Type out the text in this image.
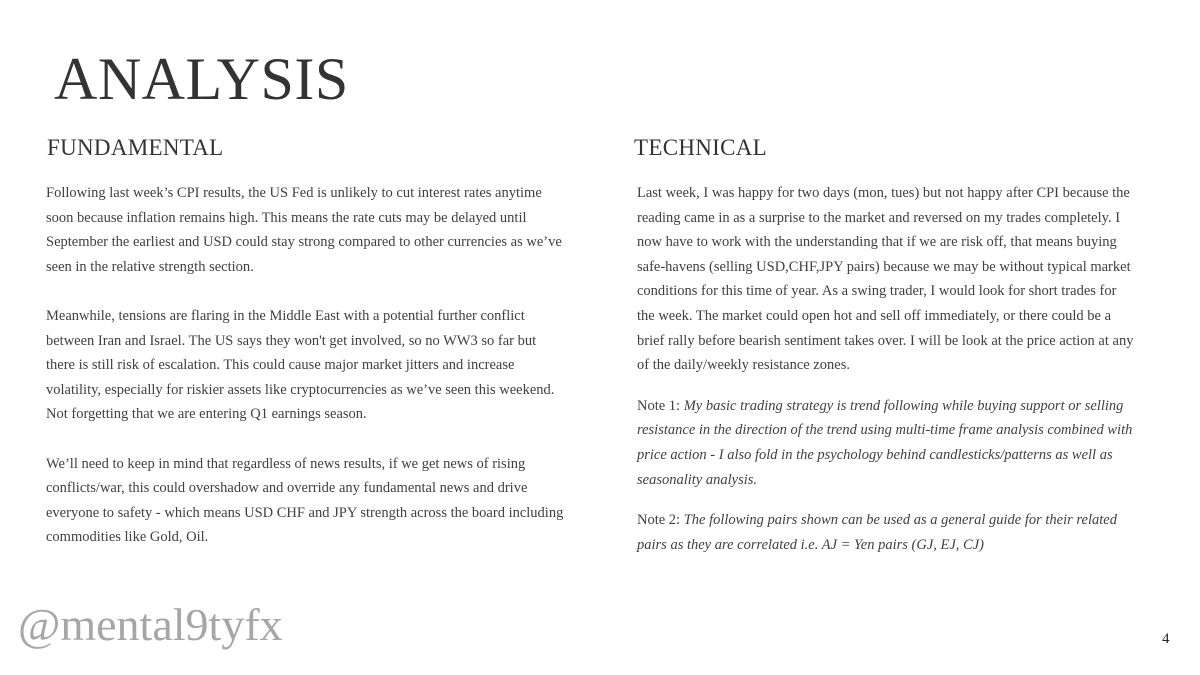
ANALYSIS
FUNDAMENTAL	TECHNICAL

Following last week’s CPI results, the US Fed is unlikely to cut interest rates anytime soon because inflation remains high. This means the rate cuts may be delayed until September the earliest and USD could stay strong compared to other currencies as we’ve seen in the relative strength section.

Meanwhile, tensions are flaring in the Middle East with a potential further conflict between Iran and Israel. The US says they won't get involved, so no WW3 so far but there is still risk of escalation. This could cause major market jitters and increase volatility, especially for riskier assets like cryptocurrencies as we’ve seen this weekend. Not forgetting that we are entering Q1 earnings season.

We’ll need to keep in mind that regardless of news results, if we get news of rising conflicts/war, this could overshadow and override any fundamental news and drive everyone to safety - which means USD CHF and JPY strength across the board including commodities like Gold, Oil.

Last week, I was happy for two days (mon, tues) but not happy after CPI because the reading came in as a surprise to the market and reversed on my trades completely. I now have to work with the understanding that if we are risk off, that means buying safe-havens (selling USD,CHF,JPY pairs) because we may be without typical market conditions for this time of year. As a swing trader, I would look for short trades for the week. The market could open hot and sell off immediately, or there could be a brief rally before bearish sentiment takes over. I will be look at the price action at any of the daily/weekly resistance zones.

Note 1: My basic trading strategy is trend following while buying support or selling resistance in the direction of the trend using multi-time frame analysis combined with price action - I also fold in the psychology behind candlesticks/patterns as well as seasonality analysis.

Note 2: The following pairs shown can be used as a general guide for their related pairs as they are correlated i.e. AJ = Yen pairs (GJ, EJ, CJ)

@mental9tyfx	4
